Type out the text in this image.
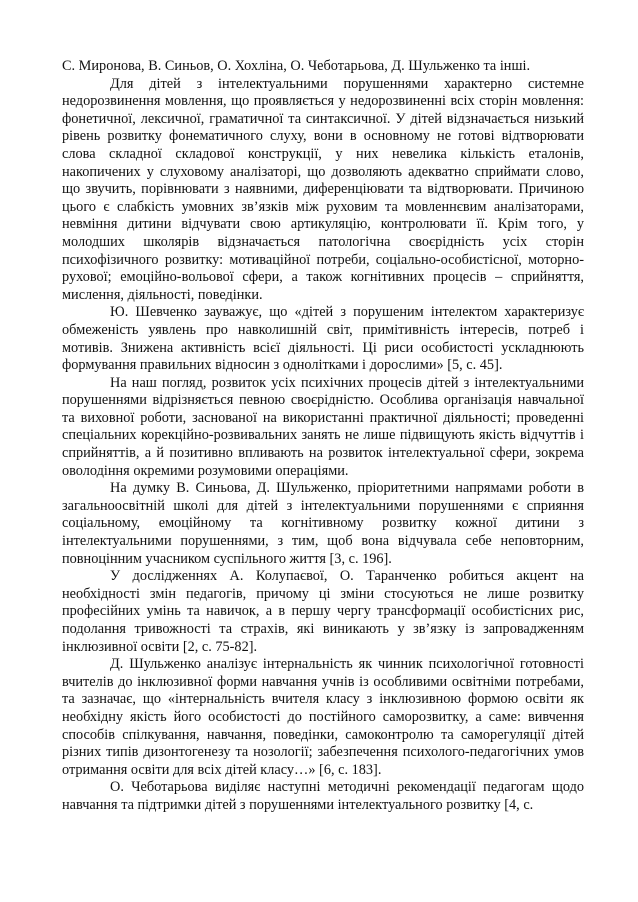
С. Миронова, В. Синьов, О. Хохліна, О. Чеботарьова, Д. Шульженко та інші.

Для дітей з інтелектуальними порушеннями характерно системне недорозвинення мовлення, що проявляється у недорозвиненні всіх сторін мовлення: фонетичної, лексичної, граматичної та синтаксичної. У дітей відзначається низький рівень розвитку фонематичного слуху, вони в основному не готові відтворювати слова складної складової конструкції, у них невелика кількість еталонів, накопичених у слуховому аналізаторі, що дозволяють адекватно сприймати слово, що звучить, порівнювати з наявними, диференціювати та відтворювати. Причиною цього є слабкість умовних зв’язків між руховим та мовленнєвим аналізаторами, невміння дитини відчувати свою артикуляцію, контролювати її. Крім того, у молодших школярів відзначається патологічна своєрідність усіх сторін психофізичного розвитку: мотиваційної потреби, соціально-особистісної, моторно-рухової; емоційно-вольової сфери, а також когнітивних процесів – сприйняття, мислення, діяльності, поведінки.

Ю. Шевченко зауважує, що «дітей з порушеним інтелектом характеризує обмеженість уявлень про навколишній світ, примітивність інтересів, потреб і мотивів. Знижена активність всієї діяльності. Ці риси особистості ускладнюють формування правильних відносин з однолітками і дорослими» [5, с. 45].

На наш погляд, розвиток усіх психічних процесів дітей з інтелектуальними порушеннями відрізняється певною своєрідністю. Особлива організація навчальної та виховної роботи, заснованої на використанні практичної діяльності; проведенні спеціальних корекційно-розвивальних занять не лише підвищують якість відчуттів і сприйняттів, а й позитивно впливають на розвиток інтелектуальної сфери, зокрема оволодіння окремими розумовими операціями.

На думку В. Синьова, Д. Шульженко, пріоритетними напрямами роботи в загальноосвітній школі для дітей з інтелектуальними порушеннями є сприяння соціальному, емоційному та когнітивному розвитку кожної дитини з інтелектуальними порушеннями, з тим, щоб вона відчувала себе неповторним, повноцінним учасником суспільного життя [3, с. 196].

У дослідженнях А. Колупаєвої, О. Таранченко робиться акцент на необхідності змін педагогів, причому ці зміни стосуються не лише розвитку професійних умінь та навичок, а в першу чергу трансформації особистісних рис, подолання тривожності та страхів, які виникають у зв’язку із запровадженням інклюзивної освіти [2, с. 75-82].

Д. Шульженко аналізує інтернальність як чинник психологічної готовності вчителів до інклюзивної форми навчання учнів із особливими освітніми потребами, та зазначає, що «інтернальність вчителя класу з інклюзивною формою освіти як необхідну якість його особистості до постійного саморозвитку, а саме: вивчення способів спілкування, навчання, поведінки, самоконтролю та саморегуляції дітей різних типів дизонтогенезу та нозології; забезпечення психолого-педагогічних умов отримання освіти для всіх дітей класу…» [6, с. 183].

О. Чеботарьова виділяє наступні методичні рекомендації педагогам щодо навчання та підтримки дітей з порушеннями інтелектуального розвитку [4, с.
